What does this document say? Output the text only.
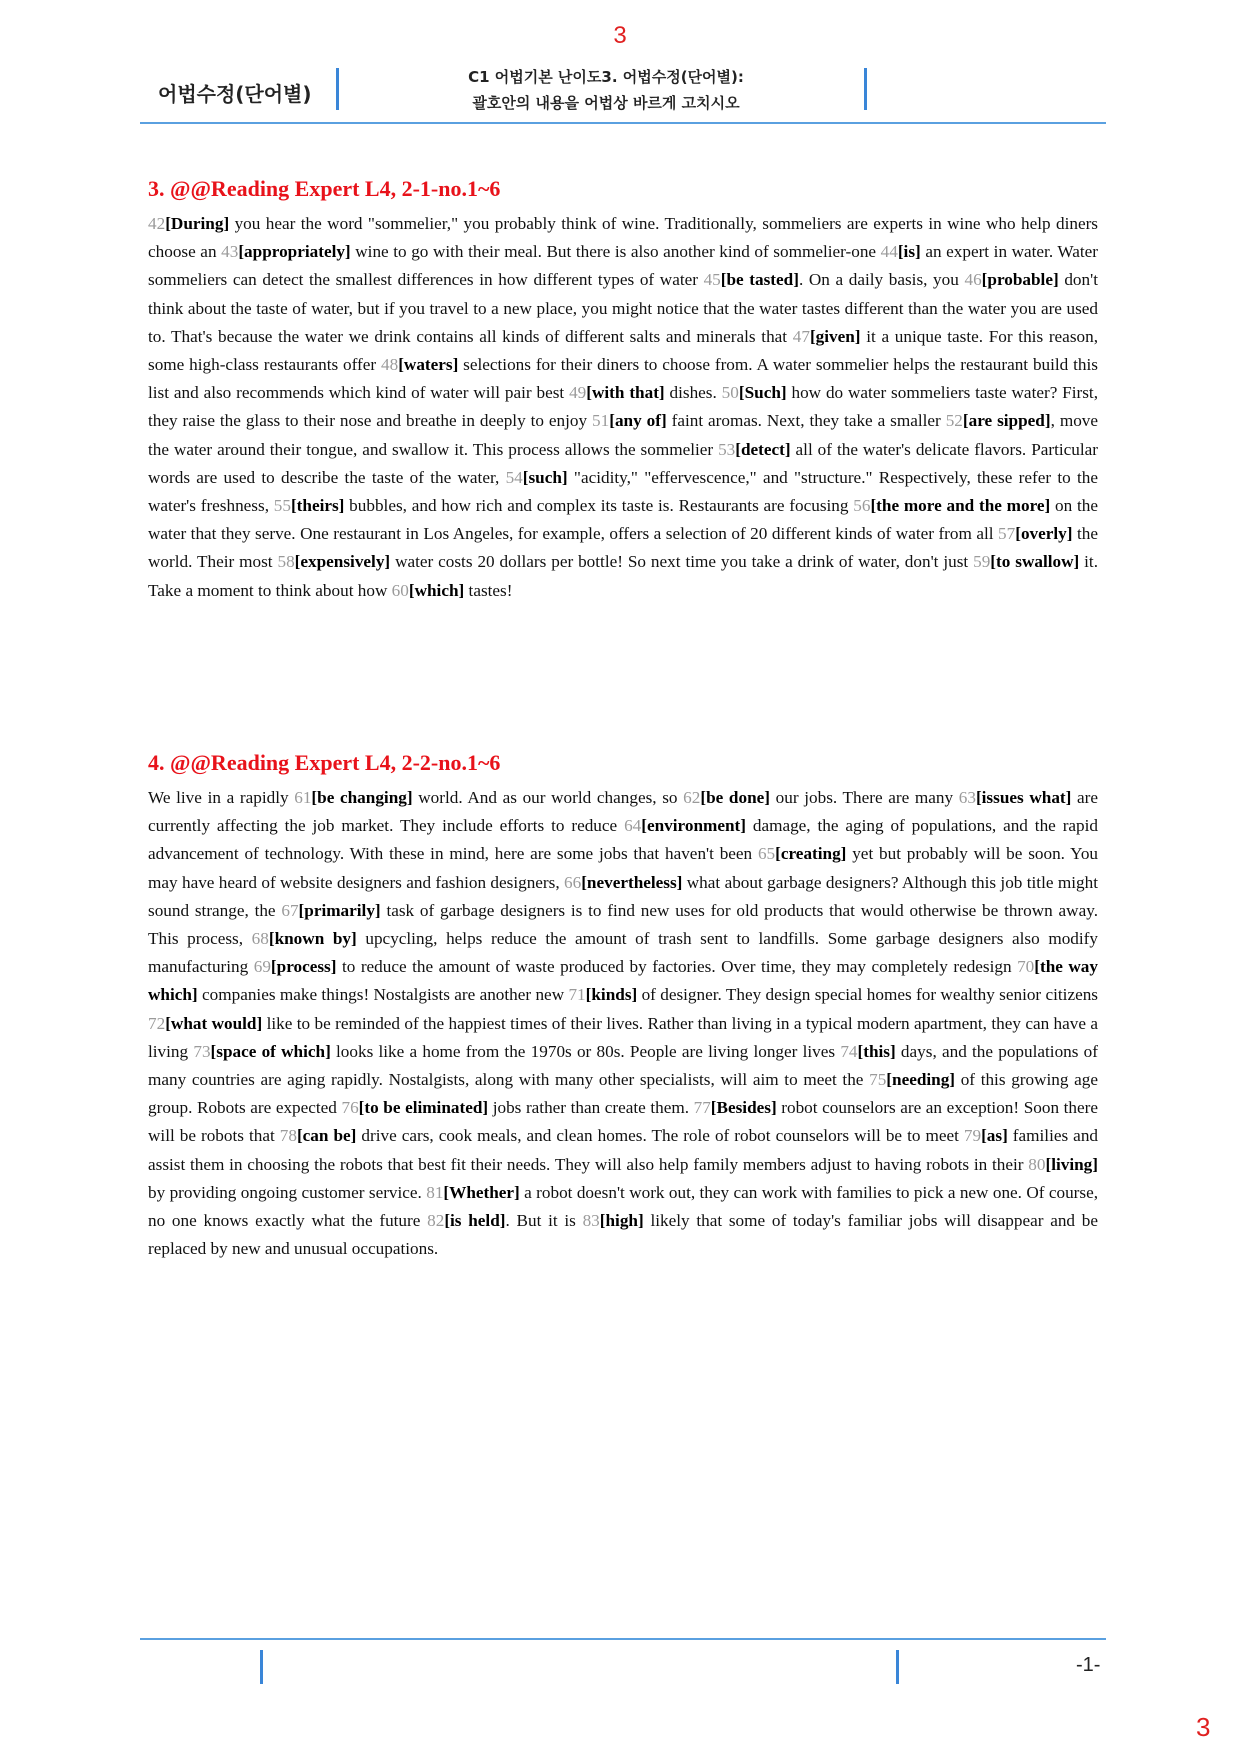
3
어법수정(단어별)
C1 어법기본 난이도3. 어법수정(단어별):
괄호안의 내용을 어법상 바르게 고치시오
3. @@Reading Expert L4, 2-1-no.1~6

42[During] you hear the word "sommelier," you probably think of wine. Traditionally, sommeliers are experts in wine who help diners choose an 43[appropriately] wine to go with their meal. But there is also another kind of sommelier-one 44[is] an expert in water. Water sommeliers can detect the smallest differences in how different types of water 45[be tasted]. On a daily basis, you 46[probable] don't think about the taste of water, but if you travel to a new place, you might notice that the water tastes different than the water you are used to. That's because the water we drink contains all kinds of different salts and minerals that 47[given] it a unique taste. For this reason, some high-class restaurants offer 48[waters] selections for their diners to choose from. A water sommelier helps the restaurant build this list and also recommends which kind of water will pair best 49[with that] dishes. 50[Such] how do water sommeliers taste water? First, they raise the glass to their nose and breathe in deeply to enjoy 51[any of] faint aromas. Next, they take a smaller 52[are sipped], move the water around their tongue, and swallow it. This process allows the sommelier 53[detect] all of the water's delicate flavors. Particular words are used to describe the taste of the water, 54[such] "acidity," "effervescence," and "structure." Respectively, these refer to the water's freshness, 55[theirs] bubbles, and how rich and complex its taste is. Restaurants are focusing 56[the more and the more] on the water that they serve. One restaurant in Los Angeles, for example, offers a selection of 20 different kinds of water from all 57[overly] the world. Their most 58[expensively] water costs 20 dollars per bottle! So next time you take a drink of water, don't just 59[to swallow] it. Take a moment to think about how 60[which] tastes!

4. @@Reading Expert L4, 2-2-no.1~6

We live in a rapidly 61[be changing] world. And as our world changes, so 62[be done] our jobs. There are many 63[issues what] are currently affecting the job market. They include efforts to reduce 64[environment] damage, the aging of populations, and the rapid advancement of technology. With these in mind, here are some jobs that haven't been 65[creating] yet but probably will be soon. You may have heard of website designers and fashion designers, 66[nevertheless] what about garbage designers? Although this job title might sound strange, the 67[primarily] task of garbage designers is to find new uses for old products that would otherwise be thrown away. This process, 68[known by] upcycling, helps reduce the amount of trash sent to landfills. Some garbage designers also modify manufacturing 69[process] to reduce the amount of waste produced by factories. Over time, they may completely redesign 70[the way which] companies make things! Nostalgists are another new 71[kinds] of designer. They design special homes for wealthy senior citizens 72[what would] like to be reminded of the happiest times of their lives. Rather than living in a typical modern apartment, they can have a living 73[space of which] looks like a home from the 1970s or 80s. People are living longer lives 74[this] days, and the populations of many countries are aging rapidly. Nostalgists, along with many other specialists, will aim to meet the 75[needing] of this growing age group. Robots are expected 76[to be eliminated] jobs rather than create them. 77[Besides] robot counselors are an exception! Soon there will be robots that 78[can be] drive cars, cook meals, and clean homes. The role of robot counselors will be to meet 79[as] families and assist them in choosing the robots that best fit their needs. They will also help family members adjust to having robots in their 80[living] by providing ongoing customer service. 81[Whether] a robot doesn't work out, they can work with families to pick a new one. Of course, no one knows exactly what the future 82[is held]. But it is 83[high] likely that some of today's familiar jobs will disappear and be replaced by new and unusual occupations.

-1-
3
